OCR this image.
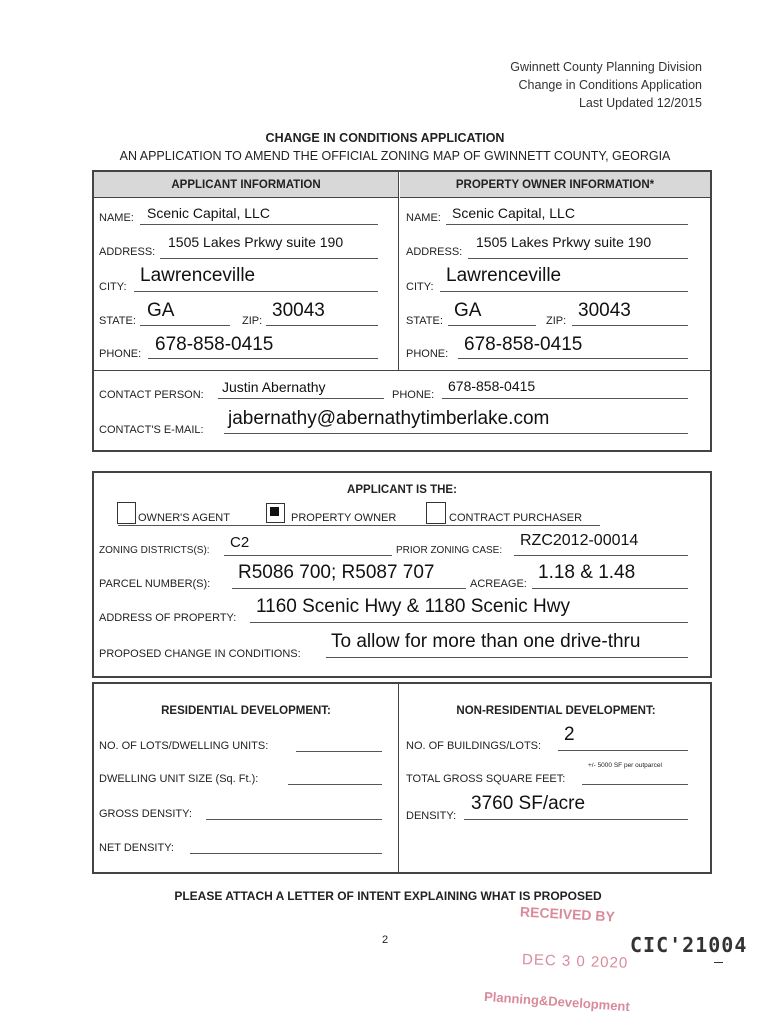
Gwinnett County Planning Division
Change in Conditions Application
Last Updated 12/2015
CHANGE IN CONDITIONS APPLICATION
AN APPLICATION TO AMEND THE OFFICIAL ZONING MAP OF GWINNETT COUNTY, GEORGIA
APPLICANT INFORMATION	PROPERTY OWNER INFORMATION*
NAME: Scenic Capital, LLC
ADDRESS:
1505 Lakes Prkwy suite 190
CITY:
Lawrenceville
STATE: GA	ZIP: 30043
PHONE: 678-858-0415
NAME: Scenic Capital, LLC
ADDRESS:
1505 Lakes Prkwy suite 190
CITY:
Lawrenceville
STATE: GA	ZIP: 30043
PHONE: 678-858-0415
CONTACT PERSON: Justin Abernathy	PHONE:
678-858-0415
CONTACT'S E-MAIL:
jabernathy@abernathytimberlake.com
APPLICANT IS THE:
OWNER'S AGENT	PROPERTY OWNER	CONTRACT PURCHASER
ZONING DISTRICTS(S): C2	PRIOR ZONING CASE:
RZC2012-00014
PARCEL NUMBER(S):
R5086 700; R5087 707
ACREAGE:
1.18 & 1.48
ADDRESS OF PROPERTY:
1160 Scenic Hwy & 1180 Scenic Hwy
PROPOSED CHANGE IN CONDITIONS:
To allow for more than one drive-thru
RESIDENTIAL DEVELOPMENT:
NO. OF LOTS/DWELLING UNITS:
DWELLING UNIT SIZE (Sq. Ft.):
GROSS DENSITY:
NET DENSITY:
NON-RESIDENTIAL DEVELOPMENT:
NO. OF BUILDINGS/LOTS:
2
+/- 5000 SF per outparcel
TOTAL GROSS SQUARE FEET:
DENSITY:
3760 SF/acre
PLEASE ATTACH A LETTER OF INTENT EXPLAINING WHAT IS PROPOSED
RECEIVED BY
2	CIC'21004
DEC 3 0 2020
Planning&Development
